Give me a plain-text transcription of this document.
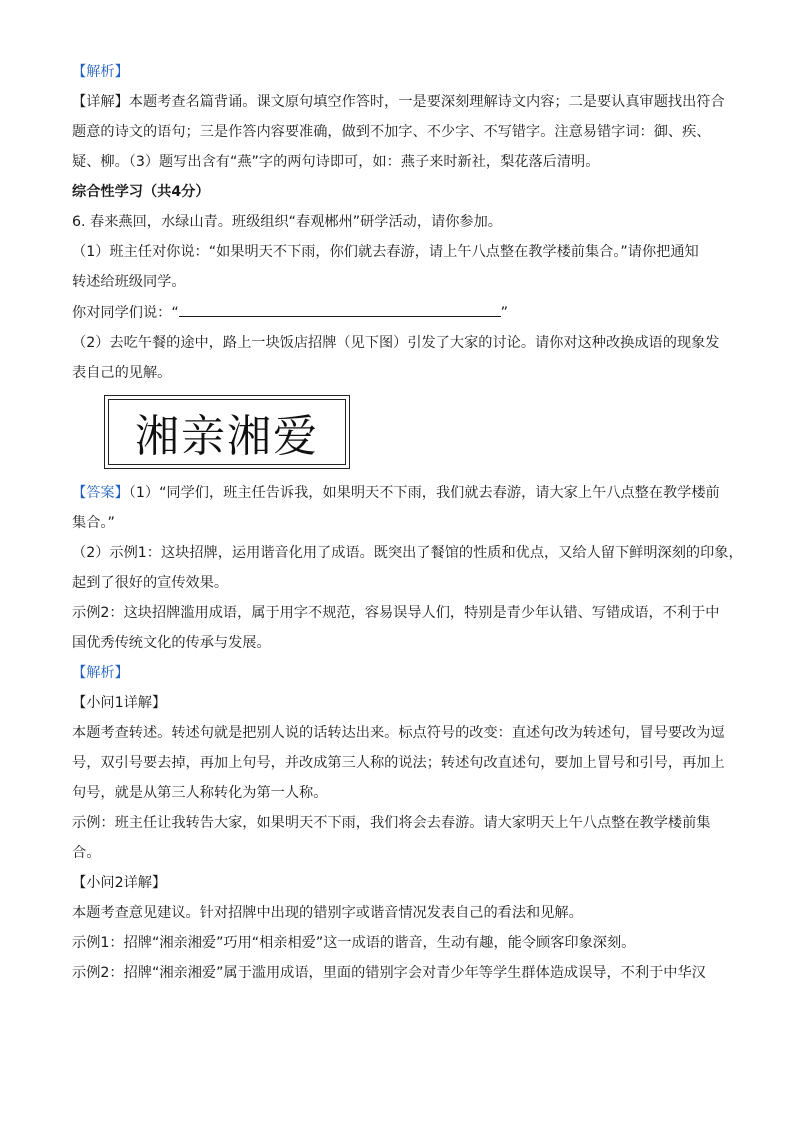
【解析】

【详解】本题考查名篇背诵。课文原句填空作答时，一是要深刻理解诗文内容；二是要认真审题找出符合

题意的诗文的语句；三是作答内容要准确，做到不加字、不少字、不写错字。注意易错字词：御、疾、

疑、柳。（3）题写出含有“燕”字的两句诗即可，如：燕子来时新社，梨花落后清明。

综合性学习（共4分）

6. 春来燕回，水绿山青。班级组织“春观郴州”研学活动，请你参加。

（1）班主任对你说：“如果明天不下雨，你们就去春游，请上午八点整在教学楼前集合。”请你把通知

转述给班级同学。

你对同学们说：“	”

（2）去吃午餐的途中，路上一块饭店招牌（见下图）引发了大家的讨论。请你对这种改换成语的现象发

表自己的见解。

湘亲湘爱

【答案】（1）“同学们，班主任告诉我，如果明天不下雨，我们就去春游，请大家上午八点整在教学楼前

集合。”

（2）示例1：这块招牌，运用谐音化用了成语。既突出了餐馆的性质和优点，又给人留下鲜明深刻的印象，

起到了很好的宣传效果。

示例2：这块招牌滥用成语，属于用字不规范，容易误导人们，特别是青少年认错、写错成语，不利于中

国优秀传统文化的传承与发展。

【解析】

【小问1详解】

本题考查转述。转述句就是把别人说的话转达出来。标点符号的改变：直述句改为转述句，冒号要改为逗

号，双引号要去掉，再加上句号，并改成第三人称的说法；转述句改直述句，要加上冒号和引号，再加上

句号，就是从第三人称转化为第一人称。

示例：班主任让我转告大家，如果明天不下雨，我们将会去春游。请大家明天上午八点整在教学楼前集

合。

【小问2详解】

本题考查意见建议。针对招牌中出现的错别字或谐音情况发表自己的看法和见解。

示例1：招牌“湘亲湘爱”巧用“相亲相爱”这一成语的谐音，生动有趣，能令顾客印象深刻。

示例2：招牌“湘亲湘爱”属于滥用成语，里面的错别字会对青少年等学生群体造成误导，不利于中华汉
